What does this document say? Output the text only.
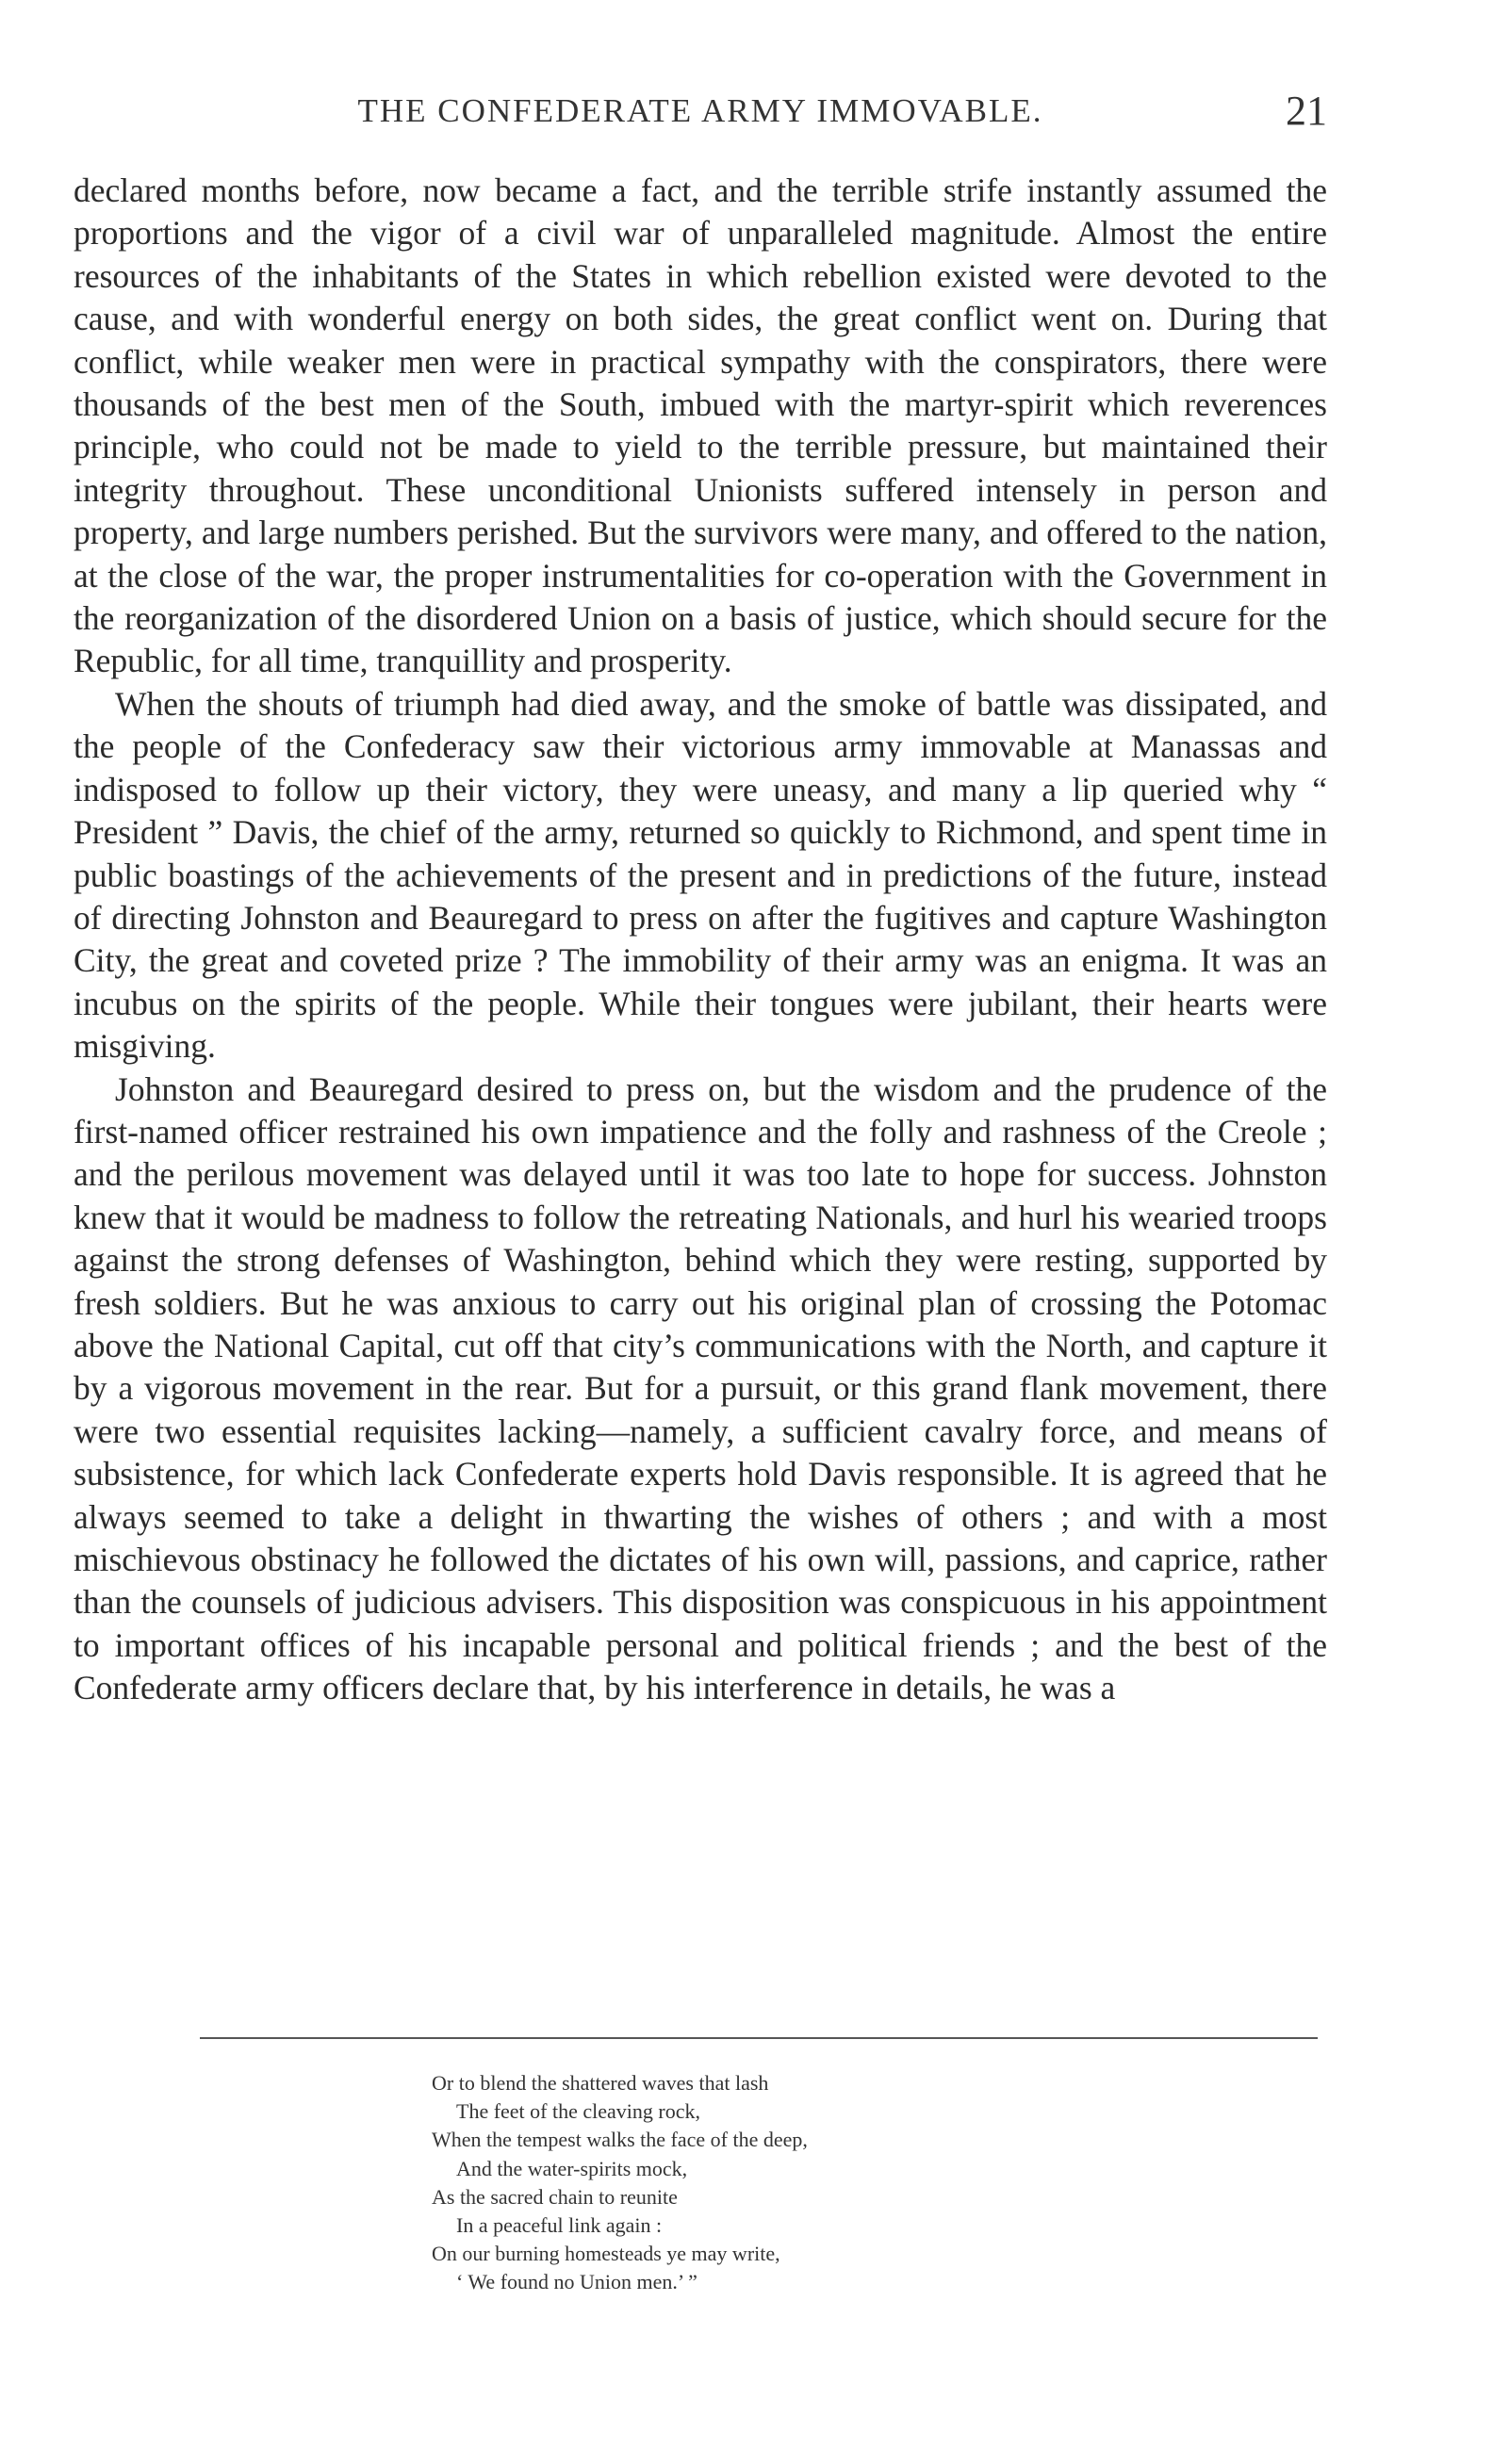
THE CONFEDERATE ARMY IMMOVABLE.	21

declared months before, now became a fact, and the terrible strife instantly assumed the proportions and the vigor of a civil war of unparalleled magnitude. Almost the entire resources of the inhabitants of the States in which rebellion existed were devoted to the cause, and with wonderful energy on both sides, the great conflict went on. During that conflict, while weaker men were in practical sympathy with the conspirators, there were thousands of the best men of the South, imbued with the martyr-spirit which reverences principle, who could not be made to yield to the terrible pressure, but maintained their integrity throughout. These unconditional Unionists suffered intensely in person and property, and large numbers perished. But the survivors were many, and offered to the nation, at the close of the war, the proper instrumentalities for co-operation with the Government in the reorganization of the disordered Union on a basis of justice, which should secure for the Republic, for all time, tranquillity and prosperity.

When the shouts of triumph had died away, and the smoke of battle was dissipated, and the people of the Confederacy saw their victorious army immovable at Manassas and indisposed to follow up their victory, they were uneasy, and many a lip queried why “ President ” Davis, the chief of the army, returned so quickly to Richmond, and spent time in public boastings of the achievements of the present and in predictions of the future, instead of directing Johnston and Beauregard to press on after the fugitives and capture Washington City, the great and coveted prize ? The immobility of their army was an enigma. It was an incubus on the spirits of the people. While their tongues were jubilant, their hearts were misgiving.

Johnston and Beauregard desired to press on, but the wisdom and the prudence of the first-named officer restrained his own impatience and the folly and rashness of the Creole ; and the perilous movement was delayed until it was too late to hope for success. Johnston knew that it would be madness to follow the retreating Nationals, and hurl his wearied troops against the strong defenses of Washington, behind which they were resting, supported by fresh soldiers. But he was anxious to carry out his original plan of crossing the Potomac above the National Capital, cut off that city’s communications with the North, and capture it by a vigorous movement in the rear. But for a pursuit, or this grand flank movement, there were two essential requisites lacking—namely, a sufficient cavalry force, and means of subsistence, for which lack Confederate experts hold Davis responsible. It is agreed that he always seemed to take a delight in thwarting the wishes of others ; and with a most mischievous obstinacy he followed the dictates of his own will, passions, and caprice, rather than the counsels of judicious advisers. This disposition was conspicuous in his appointment to important offices of his incapable personal and political friends ; and the best of the Confederate army officers declare that, by his interference in details, he was a

Or to blend the shattered waves that lash
The feet of the cleaving rock,
When the tempest walks the face of the deep,
And the water-spirits mock,
As the sacred chain to reunite
In a peaceful link again :
On our burning homesteads ye may write,
‘ We found no Union men.’ ”
